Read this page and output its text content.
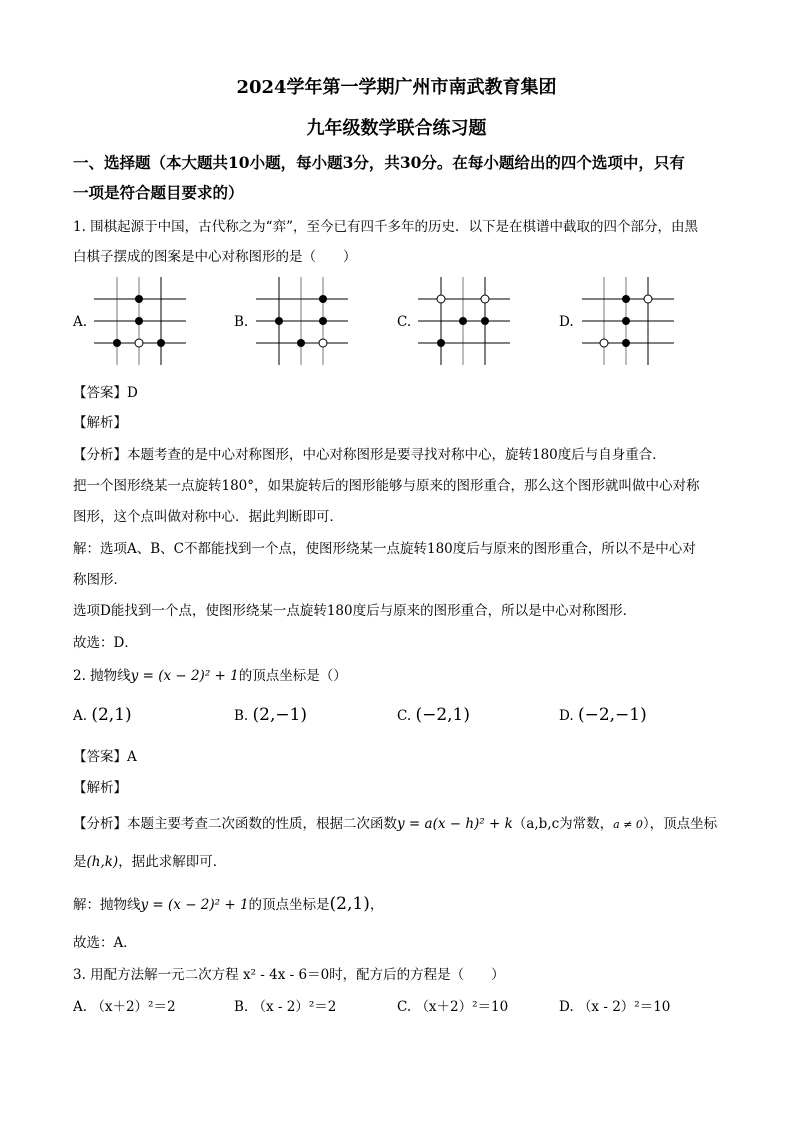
2024学年第一学期广州市南武教育集团
九年级数学联合练习题
一、选择题（本大题共10小题，每小题3分，共30分。在每小题给出的四个选项中，只有
一项是符合题目要求的）
1. 围棋起源于中国，古代称之为“弈”，至今已有四千多年的历史．以下是在棋谱中截取的四个部分，由黑
白棋子摆成的图案是中心对称图形的是（　　）
A.	B.	C.	D.
【答案】D
【解析】
【分析】本题考查的是中心对称图形，中心对称图形是要寻找对称中心，旋转180度后与自身重合．
把一个图形绕某一点旋转180°，如果旋转后的图形能够与原来的图形重合，那么这个图形就叫做中心对称
图形，这个点叫做对称中心．据此判断即可．
解：选项A、B、C不都能找到一个点，使图形绕某一点旋转180度后与原来的图形重合，所以不是中心对
称图形．
选项D能找到一个点，使图形绕某一点旋转180度后与原来的图形重合，所以是中心对称图形．
故选：D．
2. 抛物线y = (x − 2)² + 1的顶点坐标是（）
A. (2,1)	B. (2,−1)	C. (−2,1)	D. (−2,−1)
【答案】A
【解析】
【分析】本题主要考查二次函数的性质，根据二次函数y = a(x − h)² + k（a,b,c为常数，a ≠ 0），顶点坐标
是(h,k)，据此求解即可．
解：抛物线y = (x − 2)² + 1的顶点坐标是(2,1)，
故选：A．
3. 用配方法解一元二次方程 x² - 4x - 6＝0时，配方后的方程是（　　）
A. （x＋2）²＝2	B. （x - 2）²＝2	C. （x＋2）²＝10	D. （x - 2）²＝10
